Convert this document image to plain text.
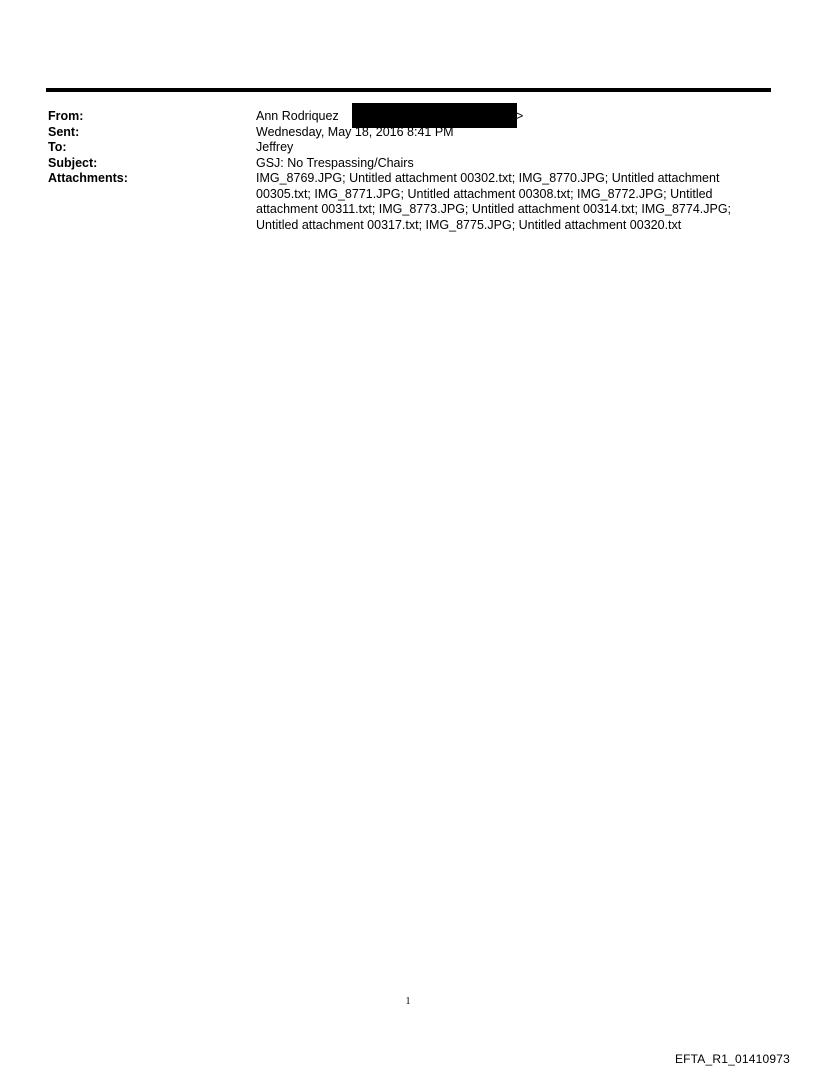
From:	Ann Rodriquez	>
Sent:	Wednesday, May 18, 2016 8:41 PM
To:	Jeffrey
Subject:	GSJ: No Trespassing/Chairs
Attachments:	IMG_8769.JPG; Untitled attachment 00302.txt; IMG_8770.JPG; Untitled attachment 00305.txt; IMG_8771.JPG; Untitled attachment 00308.txt; IMG_8772.JPG; Untitled attachment 00311.txt; IMG_8773.JPG; Untitled attachment 00314.txt; IMG_8774.JPG; Untitled attachment 00317.txt; IMG_8775.JPG; Untitled attachment 00320.txt
1
EFTA_R1_01410973
